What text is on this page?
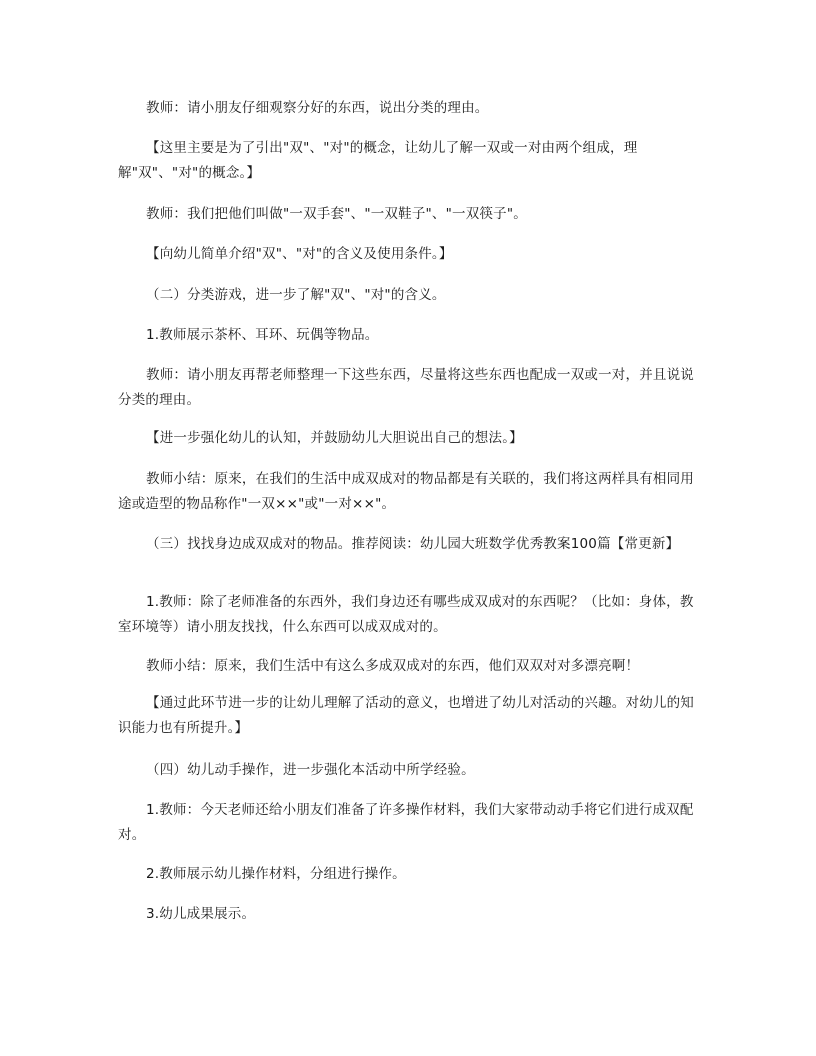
教师：请小朋友仔细观察分好的东西，说出分类的理由。

【这里主要是为了引出"双"、"对"的概念，让幼儿了解一双或一对由两个组成，理解"双"、"对"的概念。】

教师：我们把他们叫做"一双手套"、"一双鞋子"、"一双筷子"。

【向幼儿简单介绍"双"、"对"的含义及使用条件。】

（二）分类游戏，进一步了解"双"、"对"的含义。

1.教师展示茶杯、耳环、玩偶等物品。

教师：请小朋友再帮老师整理一下这些东西，尽量将这些东西也配成一双或一对，并且说说分类的理由。

【进一步强化幼儿的认知，并鼓励幼儿大胆说出自己的想法。】

教师小结：原来，在我们的生活中成双成对的物品都是有关联的，我们将这两样具有相同用途或造型的物品称作"一双××"或"一对××"。

（三）找找身边成双成对的物品。推荐阅读：幼儿园大班数学优秀教案100篇【常更新】

1.教师：除了老师准备的东西外，我们身边还有哪些成双成对的东西呢？（比如：身体，教室环境等）请小朋友找找，什么东西可以成双成对的。

教师小结：原来，我们生活中有这么多成双成对的东西，他们双双对对多漂亮啊！

【通过此环节进一步的让幼儿理解了活动的意义，也增进了幼儿对活动的兴趣。对幼儿的知识能力也有所提升。】

（四）幼儿动手操作，进一步强化本活动中所学经验。

1.教师：今天老师还给小朋友们准备了许多操作材料，我们大家带动动手将它们进行成双配对。

2.教师展示幼儿操作材料，分组进行操作。

3.幼儿成果展示。
